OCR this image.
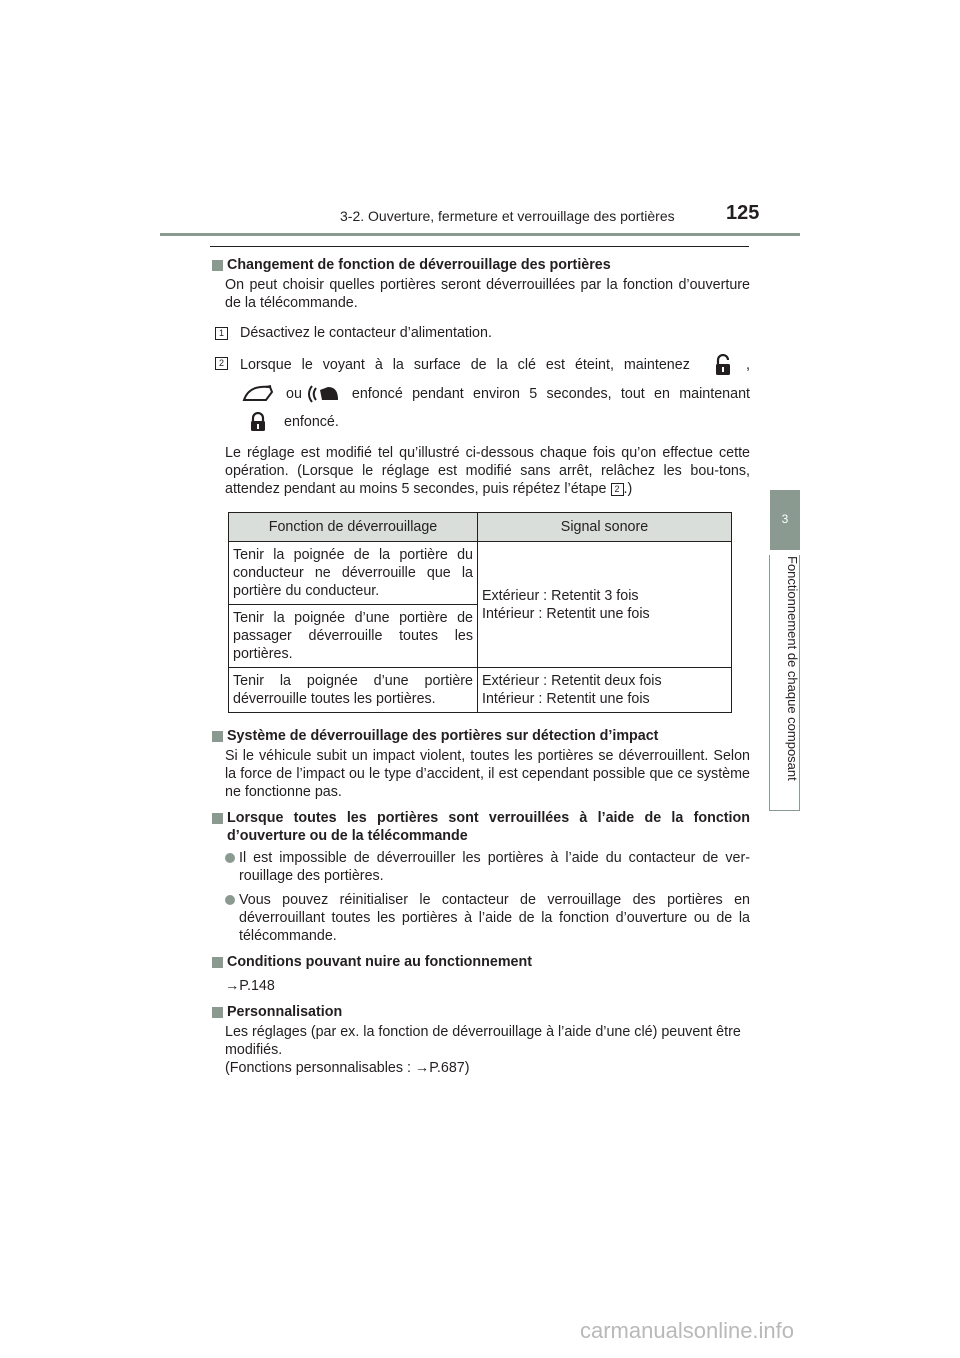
3-2. Ouverture, fermeture et verrouillage des portières	125
3
Fonctionnement de chaque composant
Changement de fonction de déverrouillage des portières
On peut choisir quelles portières seront déverrouillées par la fonction d’ouverture de la télécommande.
1 Désactivez le contacteur d’alimentation.
2 Lorsque le voyant à la surface de la clé est éteint, maintenez	,
ou	enfoncé pendant environ 5 secondes, tout en maintenant
enfoncé.
Le réglage est modifié tel qu’illustré ci-dessous chaque fois qu’on effectue cette opération. (Lorsque le réglage est modifié sans arrêt, relâchez les bou-tons, attendez pendant au moins 5 secondes, puis répétez l’étape 2 .)
Fonction de déverrouillage	Signal sonore
Tenir la poignée de la portière du conducteur ne déverrouille que la portière du conducteur.	Extérieur : Retentit 3 fois
Intérieur : Retentit une fois

Tenir la poignée d’une portière de passager déverrouille toutes les portières.	
Tenir la poignée d’une portière déverrouille toutes les portières.	Extérieur : Retentit deux fois
Intérieur : Retentit une fois
Système de déverrouillage des portières sur détection d’impact
Si le véhicule subit un impact violent, toutes les portières se déverrouillent. Selon la force de l’impact ou le type d’accident, il est cependant possible que ce système ne fonctionne pas.
Lorsque toutes les portières sont verrouillées à l’aide de la fonction d’ouverture ou de la télécommande
Il est impossible de déverrouiller les portières à l’aide du contacteur de ver-rouillage des portières.
Vous pouvez réinitialiser le contacteur de verrouillage des portières en déverrouillant toutes les portières à l’aide de la fonction d’ouverture ou de la télécommande.
Conditions pouvant nuire au fonctionnement
→P.148
Personnalisation
Les réglages (par ex. la fonction de déverrouillage à l’aide d’une clé) peuvent être modifiés.
(Fonctions personnalisables : →P.687)
carmanualsonline.info
